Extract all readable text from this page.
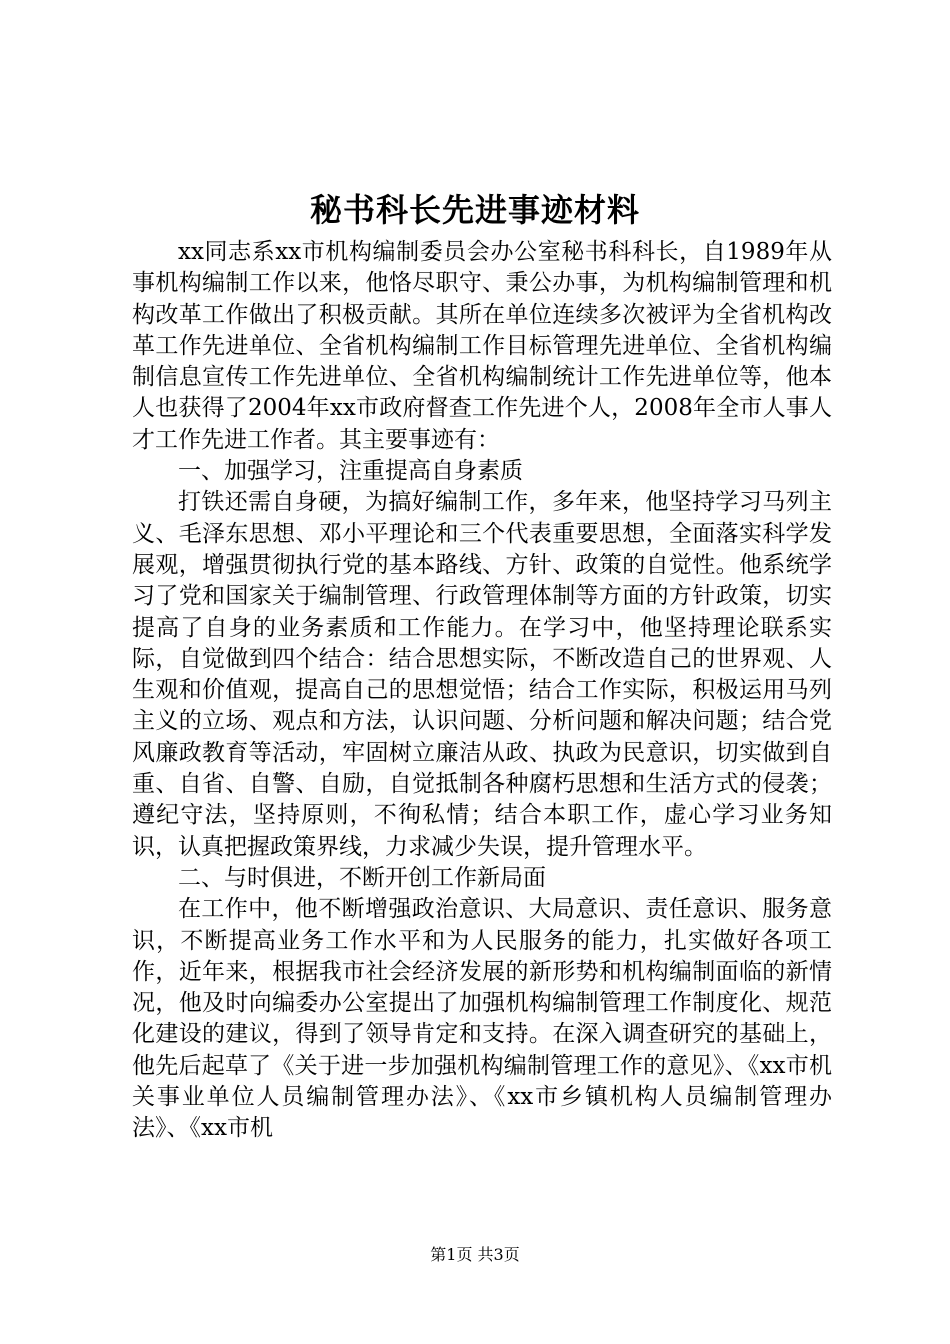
秘书科长先进事迹材料

xx同志系xx市机构编制委员会办公室秘书科科长，自1989年从事机构编制工作以来，他恪尽职守、秉公办事，为机构编制管理和机构改革工作做出了积极贡献。其所在单位连续多次被评为全省机构改革工作先进单位、全省机构编制工作目标管理先进单位、全省机构编制信息宣传工作先进单位、全省机构编制统计工作先进单位等，他本人也获得了2004年xx市政府督查工作先进个人，2008年全市人事人才工作先进工作者。其主要事迹有：

一、加强学习，注重提高自身素质

打铁还需自身硬，为搞好编制工作，多年来，他坚持学习马列主义、毛泽东思想、邓小平理论和三个代表重要思想，全面落实科学发展观，增强贯彻执行党的基本路线、方针、政策的自觉性。他系统学习了党和国家关于编制管理、行政管理体制等方面的方针政策，切实提高了自身的业务素质和工作能力。在学习中，他坚持理论联系实际，自觉做到四个结合：结合思想实际，不断改造自己的世界观、人生观和价值观，提高自己的思想觉悟；结合工作实际，积极运用马列主义的立场、观点和方法，认识问题、分析问题和解决问题；结合党风廉政教育等活动，牢固树立廉洁从政、执政为民意识，切实做到自重、自省、自警、自励，自觉抵制各种腐朽思想和生活方式的侵袭；遵纪守法，坚持原则，不徇私情；结合本职工作，虚心学习业务知识，认真把握政策界线，力求减少失误，提升管理水平。

二、与时俱进，不断开创工作新局面

在工作中，他不断增强政治意识、大局意识、责任意识、服务意识，不断提高业务工作水平和为人民服务的能力，扎实做好各项工作，近年来，根据我市社会经济发展的新形势和机构编制面临的新情况，他及时向编委办公室提出了加强机构编制管理工作制度化、规范化建设的建议，得到了领导肯定和支持。在深入调查研究的基础上，他先后起草了《关于进一步加强机构编制管理工作的意见》、《xx市机关事业单位人员编制管理办法》、《xx市乡镇机构人员编制管理办法》、《xx市机

第1页 共3页
